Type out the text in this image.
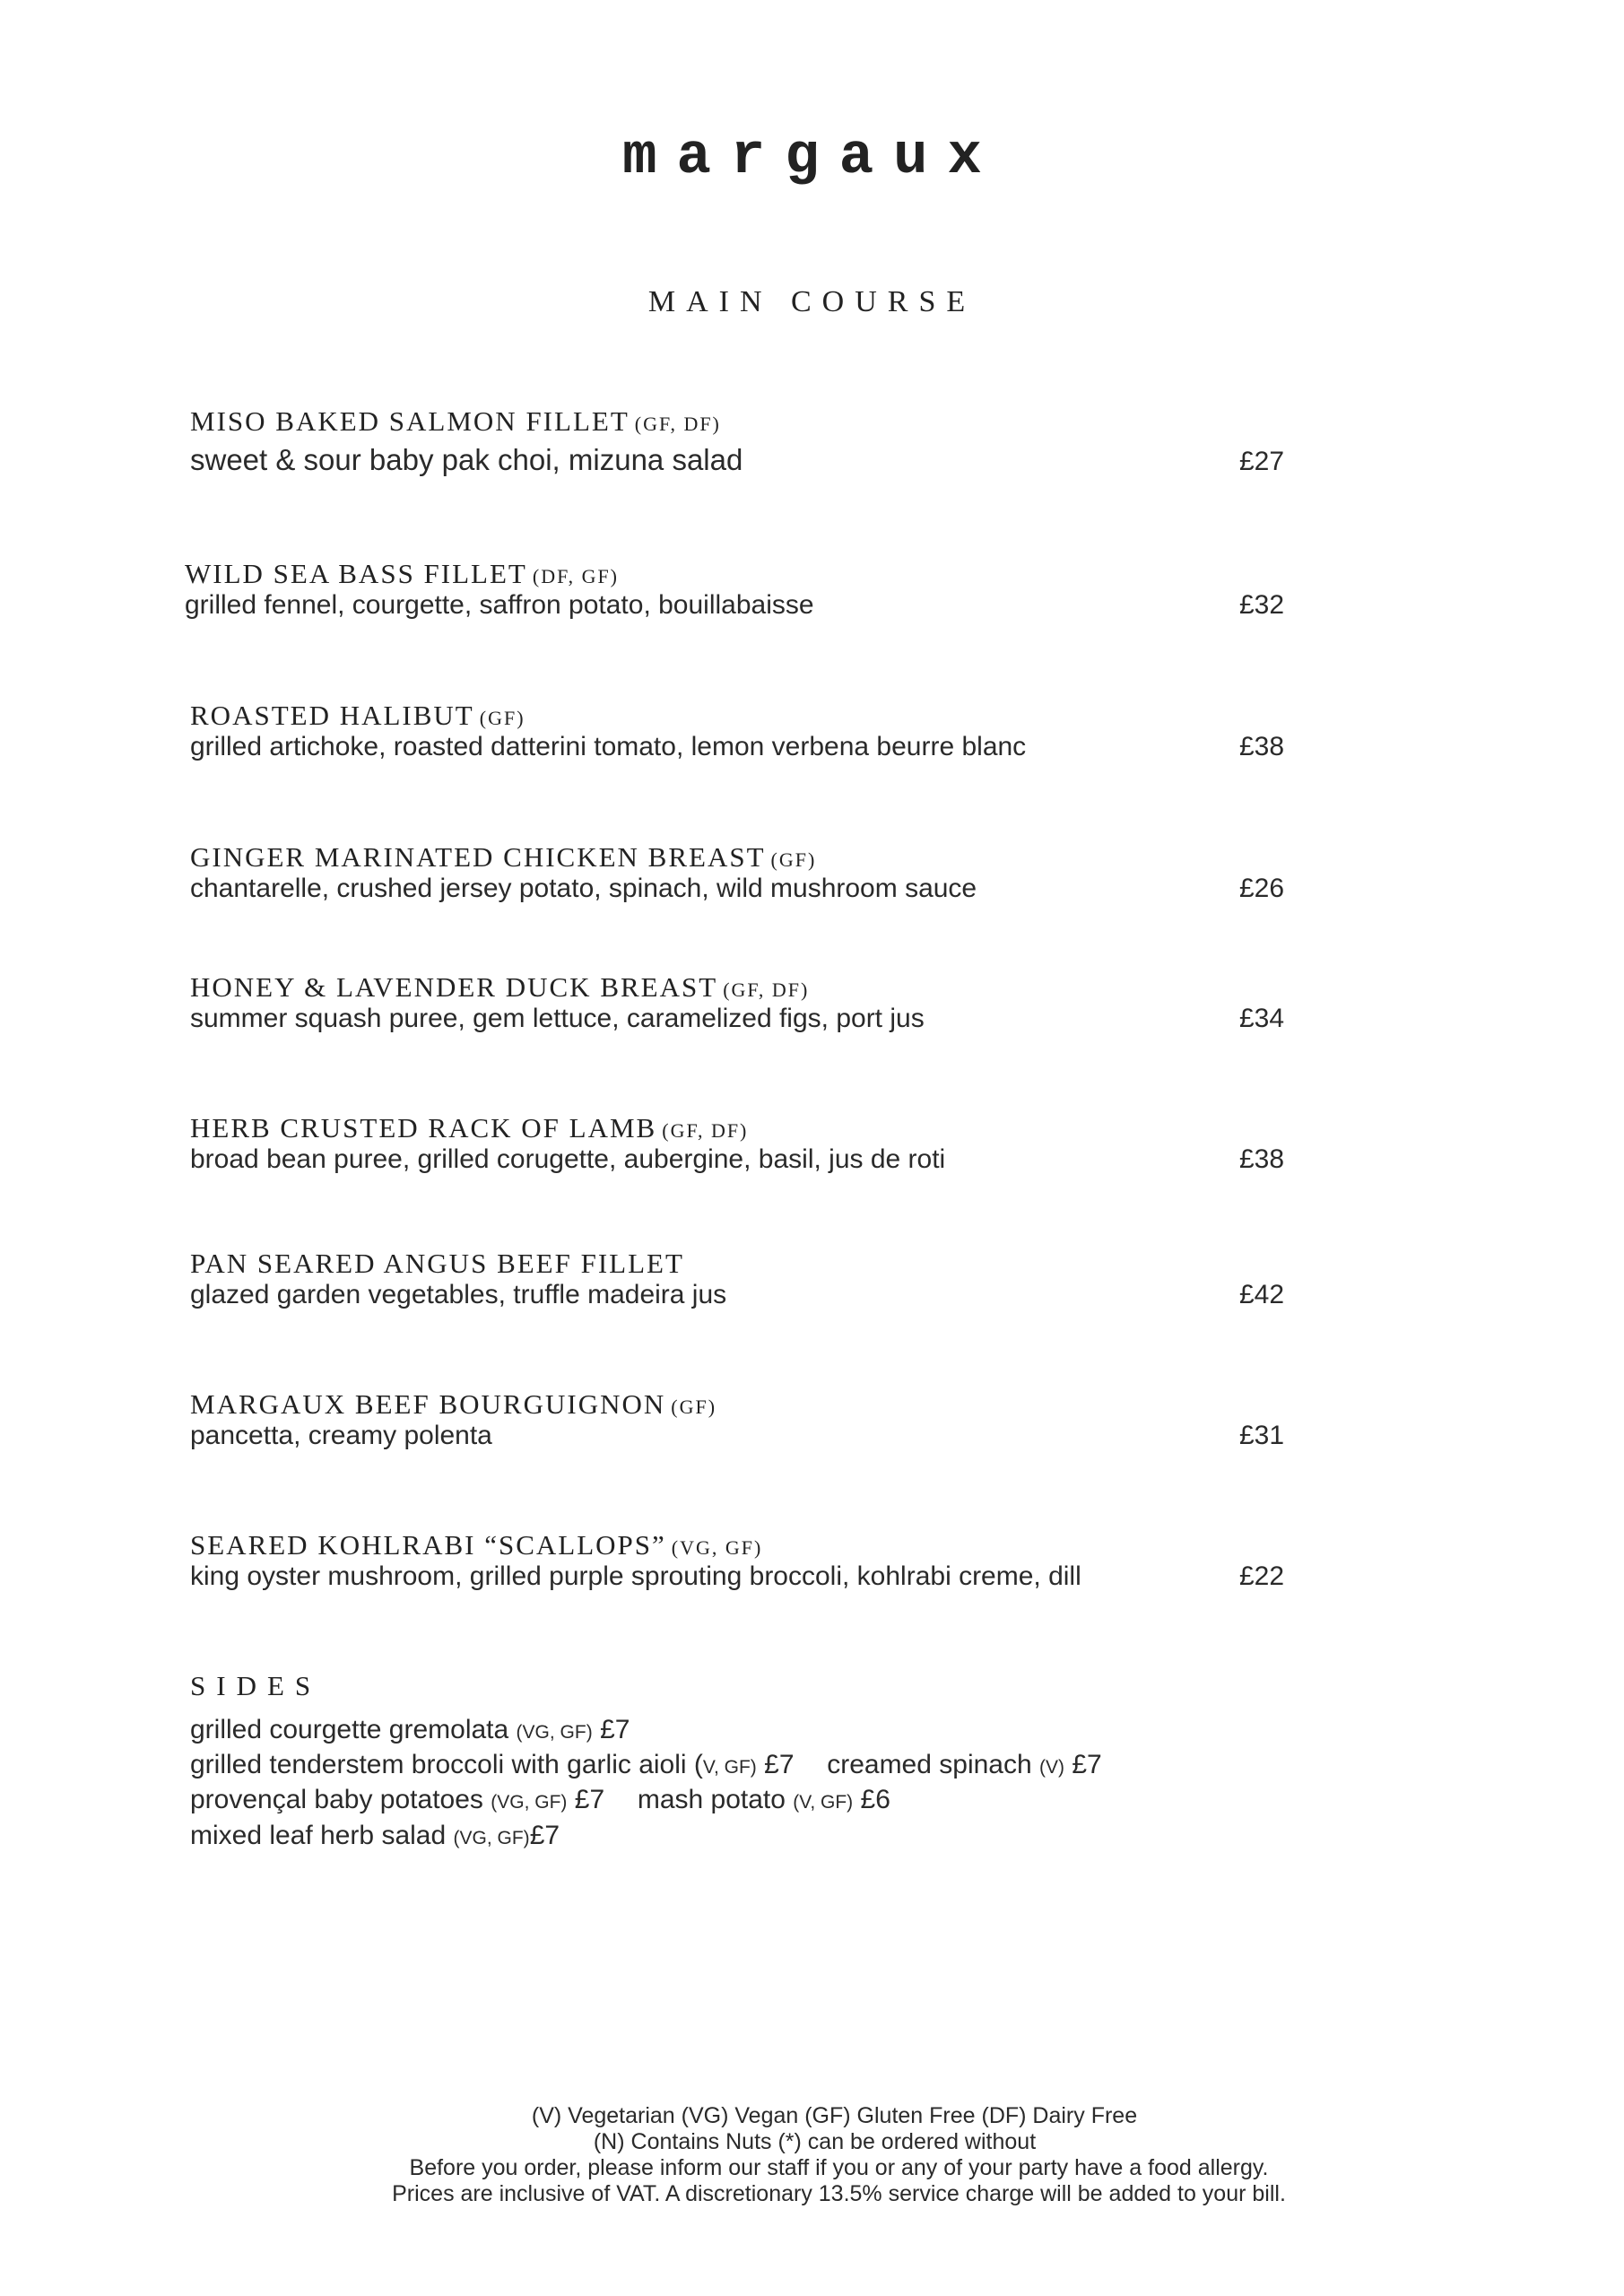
margaux
MAIN COURSE
MISO BAKED SALMON FILLET (GF, DF)
sweet & sour baby pak choi, mizuna salad	£27
WILD SEA BASS FILLET (DF, GF)
grilled fennel, courgette, saffron potato, bouillabaisse	£32
ROASTED HALIBUT (GF)
grilled artichoke, roasted datterini tomato, lemon verbena beurre blanc	£38
GINGER MARINATED CHICKEN BREAST (GF)
chantarelle, crushed jersey potato, spinach, wild mushroom sauce	£26
HONEY & LAVENDER DUCK BREAST (GF, DF)
summer squash puree, gem lettuce, caramelized figs, port jus	£34
HERB CRUSTED RACK OF LAMB (GF, DF)
broad bean puree, grilled corugette, aubergine, basil, jus de roti	£38
PAN SEARED ANGUS BEEF FILLET
glazed garden vegetables, truffle madeira jus	£42
MARGAUX BEEF BOURGUIGNON (GF)
pancetta, creamy polenta	£31
SEARED KOHLRABI “SCALLOPS” (VG, GF)
king oyster mushroom, grilled purple sprouting broccoli, kohlrabi creme, dill	£22
SIDES
grilled courgette gremolata (VG, GF) £7
grilled tenderstem broccoli with garlic aioli (V, GF) £7 creamed spinach (V) £7
provençal baby potatoes (VG, GF) £7 mash potato (V, GF) £6
mixed leaf herb salad (VG, GF)£7
(V) Vegetarian (VG) Vegan (GF) Gluten Free (DF) Dairy Free
(N) Contains Nuts (*) can be ordered without
Before you order, please inform our staff if you or any of your party have a food allergy.
Prices are inclusive of VAT. A discretionary 13.5% service charge will be added to your bill.
